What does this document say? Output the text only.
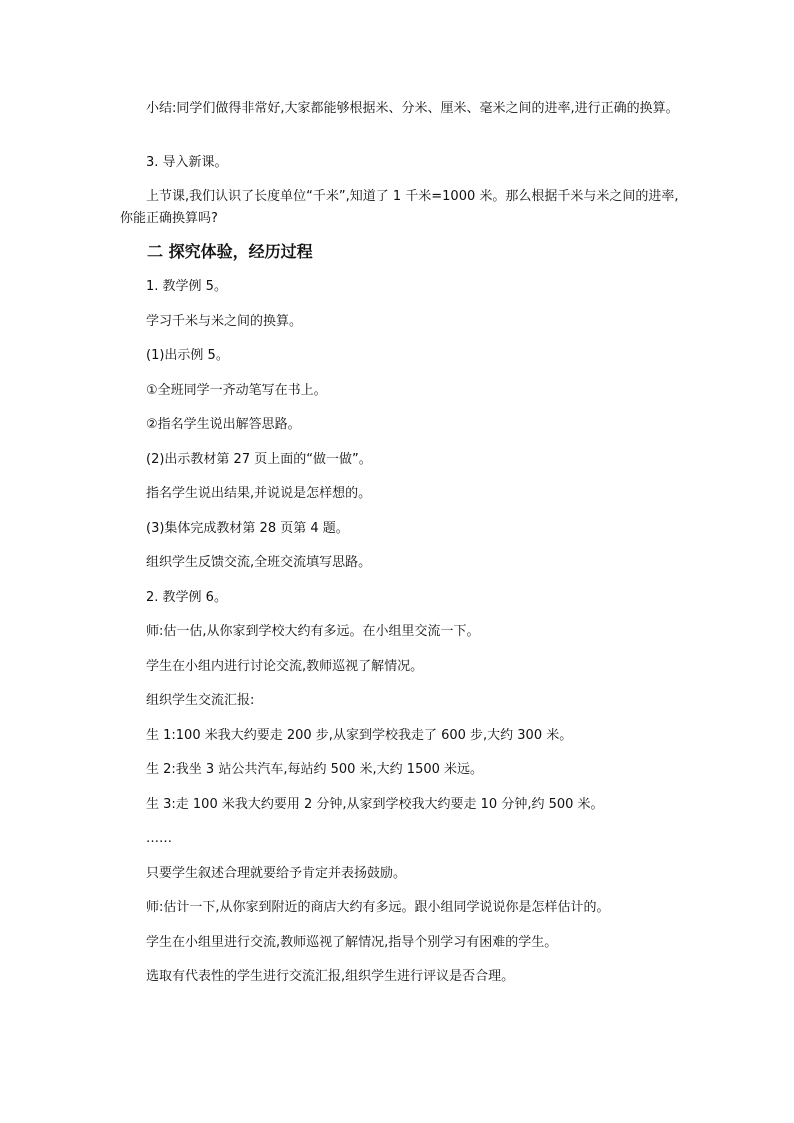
小结:同学们做得非常好,大家都能够根据米、分米、厘米、毫米之间的进率,进行正确的换算。

3. 导入新课。

上节课,我们认识了长度单位“千米”,知道了 1 千米=1000 米。那么根据千米与米之间的进率,你能正确换算吗?

二 探究体验，经历过程

1. 教学例 5。

学习千米与米之间的换算。

(1)出示例 5。

①全班同学一齐动笔写在书上。

②指名学生说出解答思路。

(2)出示教材第 27 页上面的“做一做”。

指名学生说出结果,并说说是怎样想的。

(3)集体完成教材第 28 页第 4 题。

组织学生反馈交流,全班交流填写思路。

2. 教学例 6。

师:估一估,从你家到学校大约有多远。在小组里交流一下。

学生在小组内进行讨论交流,教师巡视了解情况。

组织学生交流汇报:

生 1:100 米我大约要走 200 步,从家到学校我走了 600 步,大约 300 米。

生 2:我坐 3 站公共汽车,每站约 500 米,大约 1500 米远。

生 3:走 100 米我大约要用 2 分钟,从家到学校我大约要走 10 分钟,约 500 米。

……

只要学生叙述合理就要给予肯定并表扬鼓励。

师:估计一下,从你家到附近的商店大约有多远。跟小组同学说说你是怎样估计的。

学生在小组里进行交流,教师巡视了解情况,指导个别学习有困难的学生。

选取有代表性的学生进行交流汇报,组织学生进行评议是否合理。
